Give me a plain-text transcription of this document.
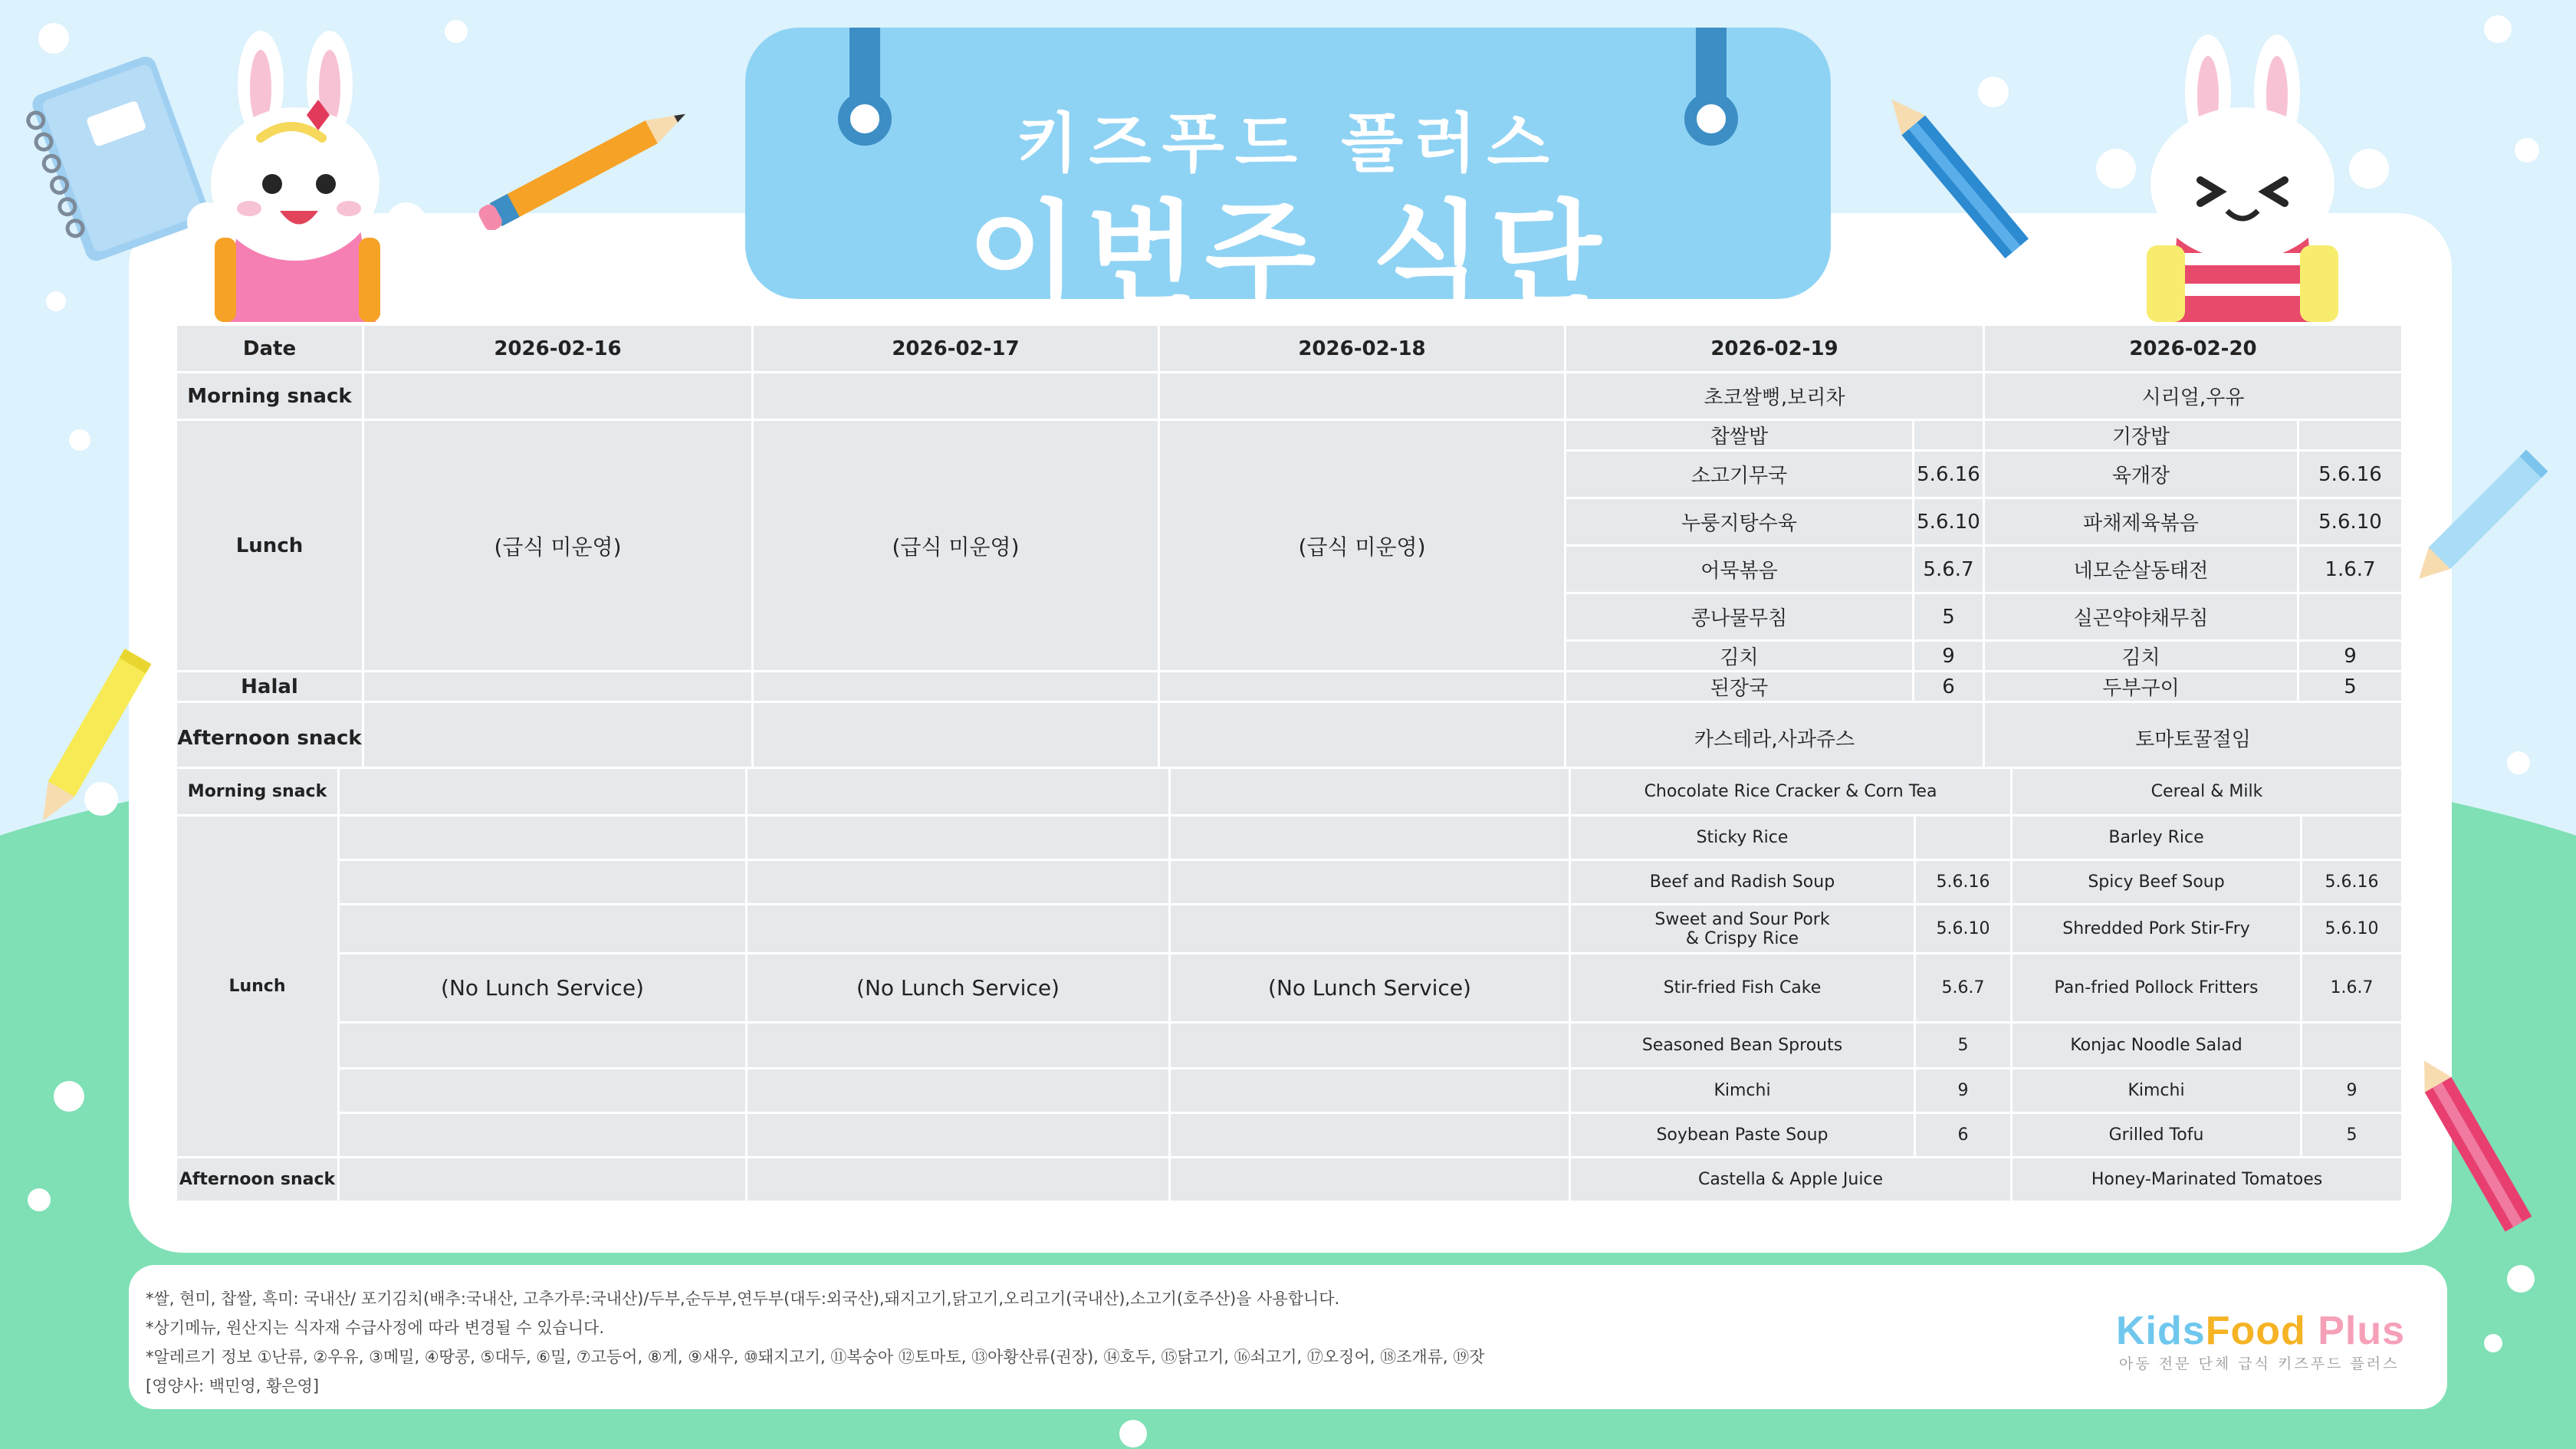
키즈푸드 플러스
이번주 식단
Date	2026-02-16	2026-02-17	2026-02-18	2026-02-19		2026-02-20	
Morning snack				초코쌀뻥,보리차		시리얼,우유	
Lunch	(급식 미운영)	(급식 미운영)	(급식 미운영)	찹쌀밥		기장밥	
				소고기무국	5.6.16	육개장	5.6.16
				누룽지탕수육	5.6.10	파채제육볶음	5.6.10
				어묵볶음	5.6.7	네모순살동태전	1.6.7
				콩나물무침	5	실곤약야채무침	
				김치	9	김치	9
Halal				된장국	6	두부구이	5
Afternoon snack				카스테라,사과쥬스		토마토꿀절임	
Morning snack				Chocolate Rice Cracker & Corn Tea		Cereal & Milk	
Lunch				Sticky Rice		Barley Rice	
				Beef and Radish Soup	5.6.16	Spicy Beef Soup	5.6.16
				Sweet and Sour Pork
& Crispy Rice	5.6.10	Shredded Pork Stir-Fry	5.6.10
	(No Lunch Service)	(No Lunch Service)	(No Lunch Service)	Stir-fried Fish Cake	5.6.7	Pan-fried Pollock Fritters	1.6.7
				Seasoned Bean Sprouts	5	Konjac Noodle Salad	
				Kimchi	9	Kimchi	9
				Soybean Paste Soup	6	Grilled Tofu	5
Afternoon snack				Castella & Apple Juice		Honey-Marinated Tomatoes	
*쌀, 현미, 찹쌀, 흑미: 국내산/ 포기김치(배추:국내산, 고추가루:국내산)/두부,순두부,연두부(대두:외국산),돼지고기,닭고기,오리고기(국내산),소고기(호주산)을 사용합니다.
*상기메뉴, 원산지는 식자재 수급사정에 따라 변경될 수 있습니다.
*알레르기 정보 ①난류, ②우유, ③메밀, ④땅콩, ⑤대두, ⑥밀, ⑦고등어, ⑧게, ⑨새우, ⑩돼지고기, ⑪복숭아 ⑫토마토, ⑬아황산류(권장), ⑭호두, ⑮닭고기, ⑯쇠고기, ⑰오징어, ⑱조개류, ⑲잣
[영양사: 백민영, 황은영]
KidsFood Plus
아동 전문 단체 급식 키즈푸드 플러스
